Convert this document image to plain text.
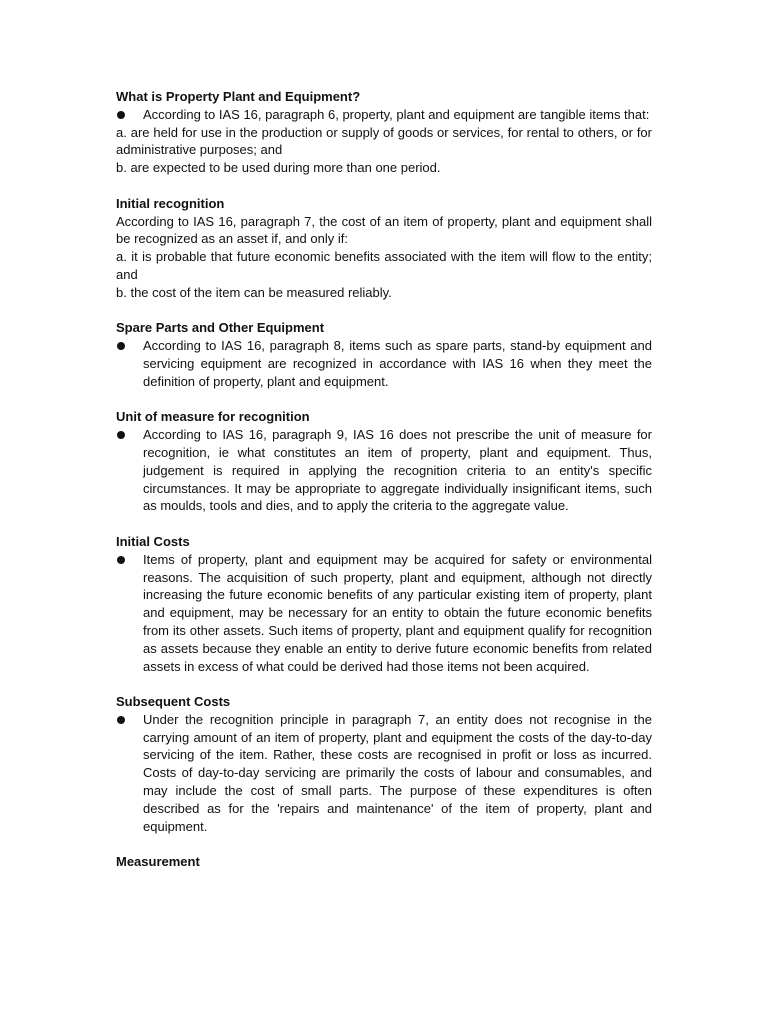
What is Property Plant and Equipment?

According to IAS 16, paragraph 6, property, plant and equipment are tangible items that:

a. are held for use in the production or supply of goods or services, for rental to others, or for administrative purposes; and

b. are expected to be used during more than one period.

Initial recognition

According to IAS 16, paragraph 7, the cost of an item of property, plant and equipment shall be recognized as an asset if, and only if:

a. it is probable that future economic benefits associated with the item will flow to the entity; and

b. the cost of the item can be measured reliably.

Spare Parts and Other Equipment

According to IAS 16, paragraph 8, items such as spare parts, stand-by equipment and servicing equipment are recognized in accordance with IAS 16 when they meet the definition of property, plant and equipment.

Unit of measure for recognition

According to IAS 16, paragraph 9, IAS 16 does not prescribe the unit of measure for recognition, ie what constitutes an item of property, plant and equipment. Thus, judgement is required in applying the recognition criteria to an entity's specific circumstances. It may be appropriate to aggregate individually insignificant items, such as moulds, tools and dies, and to apply the criteria to the aggregate value.

Initial Costs

Items of property, plant and equipment may be acquired for safety or environmental reasons. The acquisition of such property, plant and equipment, although not directly increasing the future economic benefits of any particular existing item of property, plant and equipment, may be necessary for an entity to obtain the future economic benefits from its other assets. Such items of property, plant and equipment qualify for recognition as assets because they enable an entity to derive future economic benefits from related assets in excess of what could be derived had those items not been acquired.

Subsequent Costs

Under the recognition principle in paragraph 7, an entity does not recognise in the carrying amount of an item of property, plant and equipment the costs of the day-to-day servicing of the item. Rather, these costs are recognised in profit or loss as incurred. Costs of day-to-day servicing are primarily the costs of labour and consumables, and may include the cost of small parts. The purpose of these expenditures is often described as for the 'repairs and maintenance' of the item of property, plant and equipment.

Measurement
